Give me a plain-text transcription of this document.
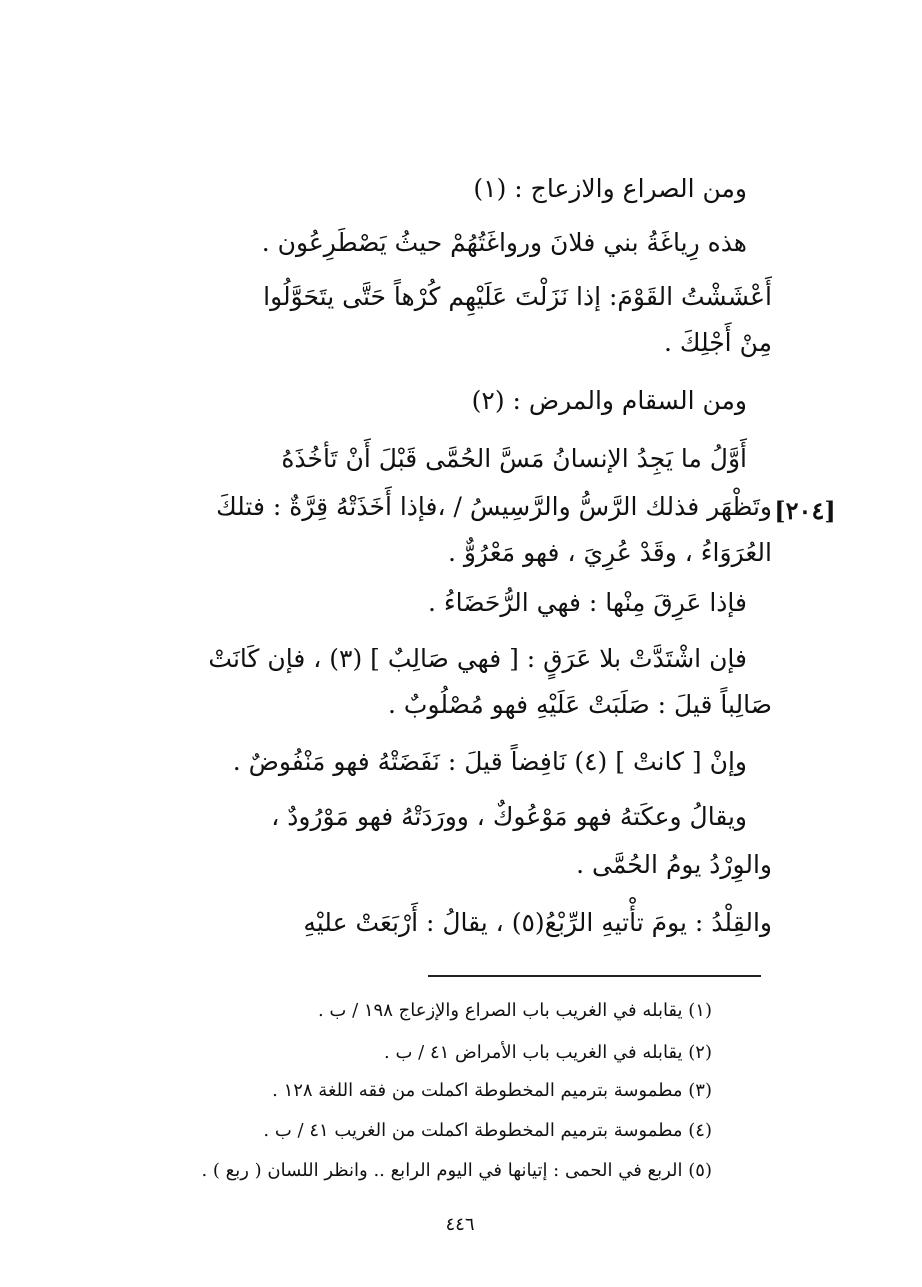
ومن الصراع والازعاج : (١)
هذه رِياغَةُ بني فلانَ ورواغَتُهُمْ حيثُ يَصْطَرِعُون .
أَعْشَشْتُ القَوْمَ: إذا نَزَلْتَ عَلَيْهِم كُرْهاً حَتَّى يتَحَوَّلُوا
مِنْ أَجْلِكَ .
ومن السقام والمرض : (٢)
أَوَّلُ ما يَجِدُ الإنسانُ مَسَّ الحُمَّى قَبْلَ أَنْ تَأخُذَهُ
وتَظْهَر فذلك الرَّسُّ والرَّسِيسُ / ،فإذا أَخَذَتْهُ قِرَّةٌ : فتلكَ
العُرَوَاءُ ، وقَدْ عُرِيَ ، فهو مَعْرُوٌّ .
فإذا عَرِقَ مِنْها : فهي الرُّحَضَاءُ .
فإن اشْتَدَّتْ بلا عَرَقٍ : [ فهي صَالِبٌ ] (٣) ، فإن كَانَتْ
صَالِباً قيلَ : صَلَبَتْ عَلَيْهِ فهو مُصْلُوبٌ .
وإنْ [ كانتْ ] (٤) نَافِضاً قيلَ : نَفَضَتْهُ فهو مَنْفُوضٌ .
ويقالُ وعكَتهُ فهو مَوْعُوكٌ ، وورَدَتْهُ فهو مَوْرُودٌ ،
والوِرْدُ يومُ الحُمَّى .
والقِلْدُ : يومَ تأْتيهِ الرِّبْعُ(٥) ، يقالُ : أَرْبَعَتْ عليْهِ
[٢٠٤]
(١) يقابله في الغريب باب الصراع والإزعاج ١٩٨ / ب .
(٢) يقابله في الغريب باب الأمراض ٤١ / ب .
(٣) مطموسة بترميم المخطوطة اكملت من فقه اللغة ١٢٨ .
(٤) مطموسة بترميم المخطوطة اكملت من الغريب ٤١ / ب .
(٥) الربع في الحمى : إتيانها في اليوم الرابع .. وانظر اللسان ( ربع ) .
٤٤٦
